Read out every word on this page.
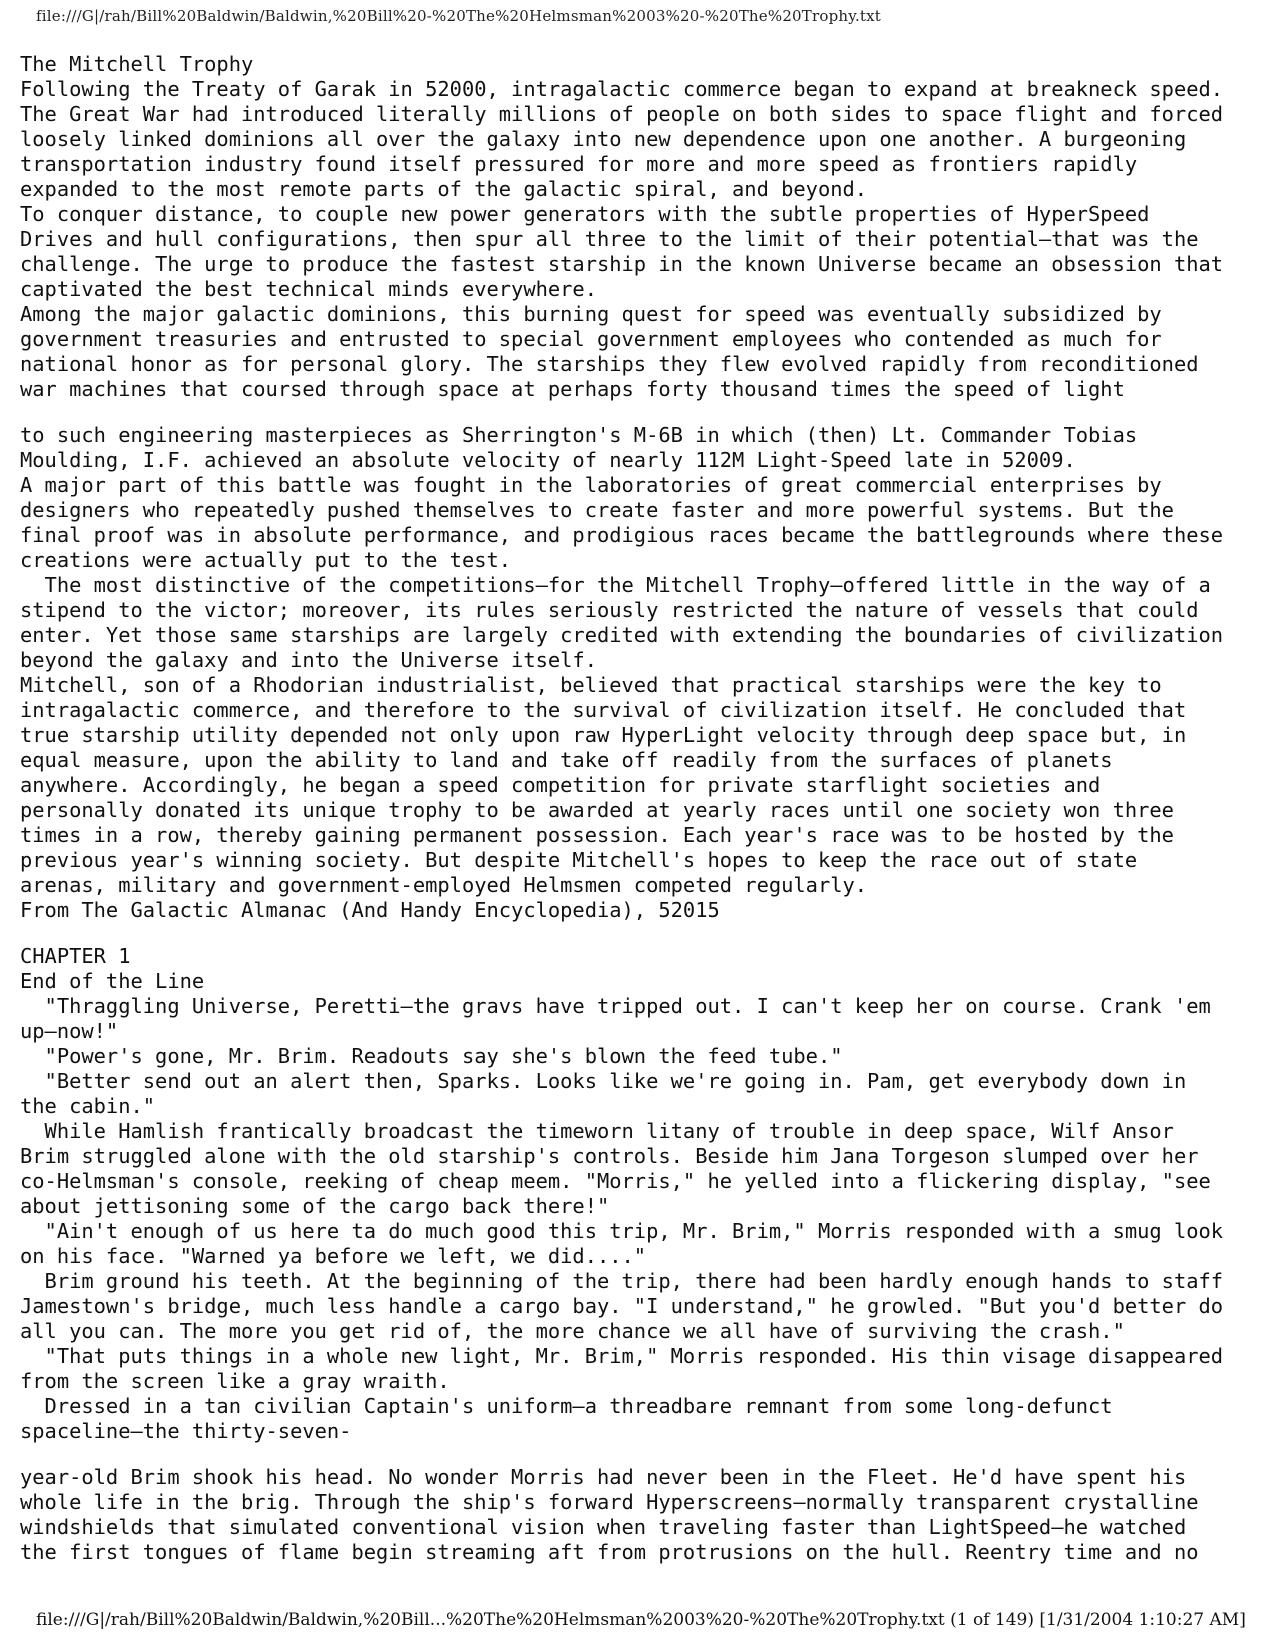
file:///G|/rah/Bill%20Baldwin/Baldwin,%20Bill%20-%20The%20Helmsman%2003%20-%20The%20Trophy.txt
The Mitchell Trophy
Following the Treaty of Garak in 52000, intragalactic commerce began to expand at breakneck speed.
The Great War had introduced literally millions of people on both sides to space flight and forced
loosely linked dominions all over the galaxy into new dependence upon one another. A burgeoning
transportation industry found itself pressured for more and more speed as frontiers rapidly
expanded to the most remote parts of the galactic spiral, and beyond.
To conquer distance, to couple new power generators with the subtle properties of HyperSpeed
Drives and hull configurations, then spur all three to the limit of their potential—that was the
challenge. The urge to produce the fastest starship in the known Universe became an obsession that
captivated the best technical minds everywhere.
Among the major galactic dominions, this burning quest for speed was eventually subsidized by
government treasuries and entrusted to special government employees who contended as much for
national honor as for personal glory. The starships they flew evolved rapidly from reconditioned
war machines that coursed through space at perhaps forty thousand times the speed of light
to such engineering masterpieces as Sherrington's M-6B in which (then) Lt. Commander Tobias
Moulding, I.F. achieved an absolute velocity of nearly 112M Light-Speed late in 52009.
A major part of this battle was fought in the laboratories of great commercial enterprises by
designers who repeatedly pushed themselves to create faster and more powerful systems. But the
final proof was in absolute performance, and prodigious races became the battlegrounds where these
creations were actually put to the test.
The most distinctive of the competitions—for the Mitchell Trophy—offered little in the way of a
stipend to the victor; moreover, its rules seriously restricted the nature of vessels that could
enter. Yet those same starships are largely credited with extending the boundaries of civilization
beyond the galaxy and into the Universe itself.
Mitchell, son of a Rhodorian industrialist, believed that practical starships were the key to
intragalactic commerce, and therefore to the survival of civilization itself. He concluded that
true starship utility depended not only upon raw HyperLight velocity through deep space but, in
equal measure, upon the ability to land and take off readily from the surfaces of planets
anywhere. Accordingly, he began a speed competition for private starflight societies and
personally donated its unique trophy to be awarded at yearly races until one society won three
times in a row, thereby gaining permanent possession. Each year's race was to be hosted by the
previous year's winning society. But despite Mitchell's hopes to keep the race out of state
arenas, military and government-employed Helmsmen competed regularly.
From The Galactic Almanac (And Handy Encyclopedia), 52015
CHAPTER 1
End of the Line
"Thraggling Universe, Peretti—the gravs have tripped out. I can't keep her on course. Crank 'em
up—now!"
"Power's gone, Mr. Brim. Readouts say she's blown the feed tube."
"Better send out an alert then, Sparks. Looks like we're going in. Pam, get everybody down in
the cabin."
While Hamlish frantically broadcast the timeworn litany of trouble in deep space, Wilf Ansor
Brim struggled alone with the old starship's controls. Beside him Jana Torgeson slumped over her
co-Helmsman's console, reeking of cheap meem. "Morris," he yelled into a flickering display, "see
about jettisoning some of the cargo back there!"
"Ain't enough of us here ta do much good this trip, Mr. Brim," Morris responded with a smug look
on his face. "Warned ya before we left, we did...."
Brim ground his teeth. At the beginning of the trip, there had been hardly enough hands to staff
Jamestown's bridge, much less handle a cargo bay. "I understand," he growled. "But you'd better do
all you can. The more you get rid of, the more chance we all have of surviving the crash."
"That puts things in a whole new light, Mr. Brim," Morris responded. His thin visage disappeared
from the screen like a gray wraith.
Dressed in a tan civilian Captain's uniform—a threadbare remnant from some long-defunct
spaceline—the thirty-seven-
year-old Brim shook his head. No wonder Morris had never been in the Fleet. He'd have spent his
whole life in the brig. Through the ship's forward Hyperscreens—normally transparent crystalline
windshields that simulated conventional vision when traveling faster than LightSpeed—he watched
the first tongues of flame begin streaming aft from protrusions on the hull. Reentry time and no
file:///G|/rah/Bill%20Baldwin/Baldwin,%20Bill...%20The%20Helmsman%2003%20-%20The%20Trophy.txt (1 of 149) [1/31/2004 1:10:27 AM]
